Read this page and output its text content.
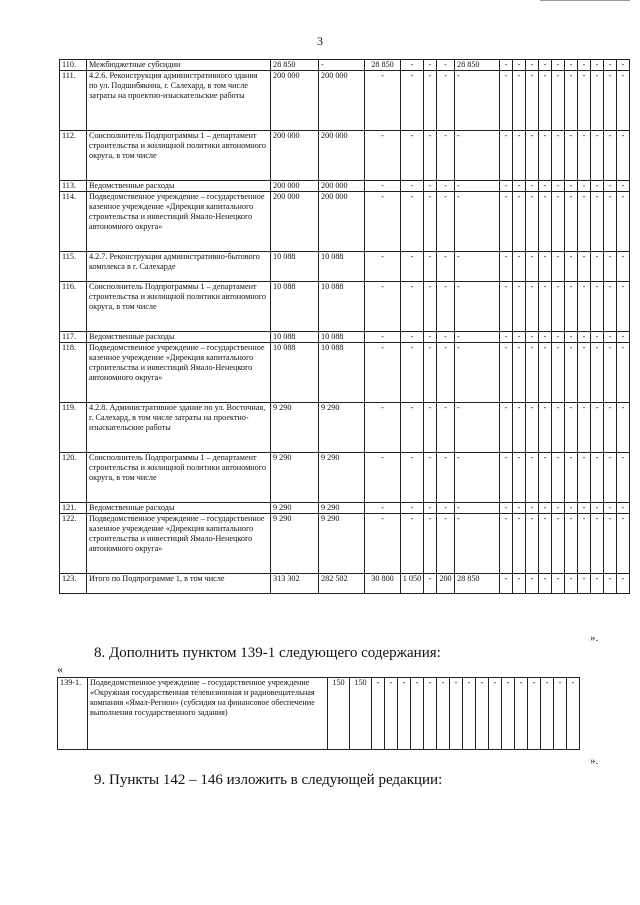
3
110.	Межбюджетные субсидии	28 850	-	28 850	-	-	-	28 850	-	-	-	-	-	-	-	-	-	-
111.	4.2.6. Реконструкция административного здания по ул. Подшибякина, г. Салехард, в том числе затраты на проектно-изыскательские работы	200 000	200 000	-	-	-	-	-	-	-	-	-	-	-	-	-	-	-
112.	Соисполнитель Подпрограммы 1 – департамент строительства и жилищной политики автономного округа, в том числе	200 000	200 000	-	-	-	-	-	-	-	-	-	-	-	-	-	-	-
113.	Ведомственные расходы	200 000	200 000	-	-	-	-	-	-	-	-	-	-	-	-	-	-	-
114.	Подведомственное учреждение – государственное казенное учреждение «Дирекция капитального строительства и инвестиций Ямало-Ненецкого автономного округа»	200 000	200 000	-	-	-	-	-	-	-	-	-	-	-	-	-	-	-
115.	4.2.7. Реконструкция административно-бытового комплекса в г. Салехарде	10 088	10 088	-	-	-	-	-	-	-	-	-	-	-	-	-	-	-
116.	Соисполнитель Подпрограммы 1 – департамент строительства и жилищной политики автономного округа, в том числе	10 088	10 088	-	-	-	-	-	-	-	-	-	-	-	-	-	-	-
117.	Ведомственные расходы	10 088	10 088	-	-	-	-	-	-	-	-	-	-	-	-	-	-	-
118.	Подведомственное учреждение – государственное казенное учреждение «Дирекция капитального строительства и инвестиций Ямало-Ненецкого автономного округа»	10 088	10 088	-	-	-	-	-	-	-	-	-	-	-	-	-	-	-
119.	4.2.8. Административное здание по ул. Восточная, г. Салехард, в том числе затраты на проектно-изыскательские работы	9 290	9 290	-	-	-	-	-	-	-	-	-	-	-	-	-	-	-
120.	Соисполнитель Подпрограммы 1 – департамент строительства и жилищной политики автономного округа, в том числе	9 290	9 290	-	-	-	-	-	-	-	-	-	-	-	-	-	-	-
121.	Ведомственные расходы	9 290	9 290	-	-	-	-	-	-	-	-	-	-	-	-	-	-	-
122.	Подведомственное учреждение – государственное казенное учреждение «Дирекция капитального строительства и инвестиций Ямало-Ненецкого автономного округа»	9 290	9 290	-	-	-	-	-	-	-	-	-	-	-	-	-	-	-
123.	Итого по Подпрограмме 1, в том числе	313 302	282 502	30 800	1 050	-	200	28 850	-	-	-	-	-	-	-	-	-	-
».
8. Дополнить пунктом 139-1 следующего содержания:
«
139-1.	Подведомственное учреждение – государственное учреждение «Окружная государственная телевизионная и радиовещательная компания «Ямал-Регион» (субсидия на финансовое обеспечение выполнения государственного задания)	150	150	-	-	-	-	-	-	-	-	-	-	-	-	-	-	-	-
».
9. Пункты 142 – 146 изложить в следующей редакции:
